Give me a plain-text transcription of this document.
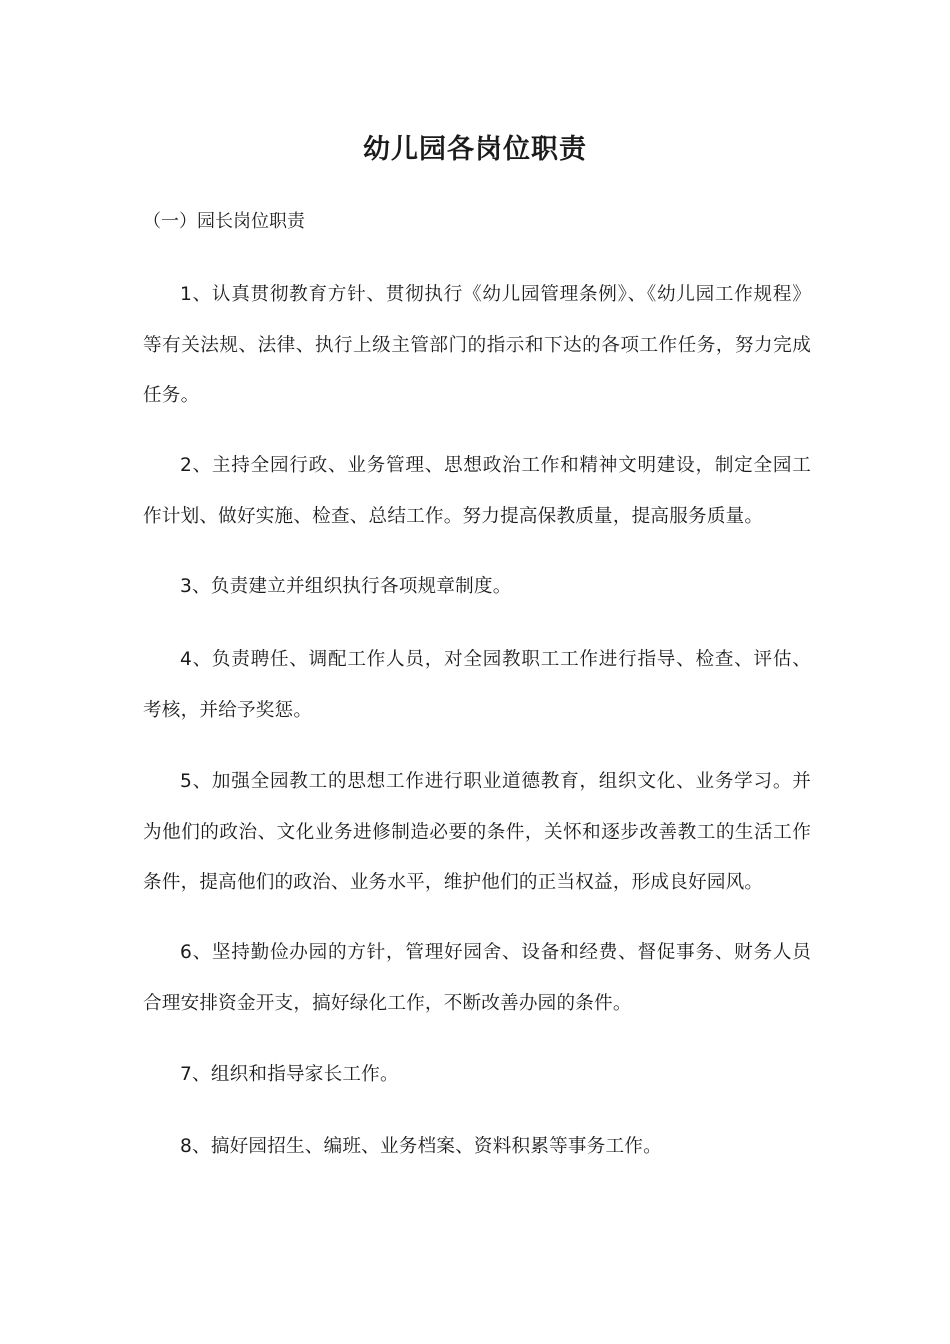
幼儿园各岗位职责

（一）园长岗位职责

1、认真贯彻教育方针、贯彻执行《幼儿园管理条例》、《幼儿园工作规程》等有关法规、法律、执行上级主管部门的指示和下达的各项工作任务，努力完成任务。

2、主持全园行政、业务管理、思想政治工作和精神文明建设，制定全园工作计划、做好实施、检查、总结工作。努力提高保教质量，提高服务质量。

3、负责建立并组织执行各项规章制度。

4、负责聘任、调配工作人员，对全园教职工工作进行指导、检查、评估、考核，并给予奖惩。

5、加强全园教工的思想工作进行职业道德教育，组织文化、业务学习。并为他们的政治、文化业务进修制造必要的条件，关怀和逐步改善教工的生活工作条件，提高他们的政治、业务水平，维护他们的正当权益，形成良好园风。

6、坚持勤俭办园的方针，管理好园舍、设备和经费、督促事务、财务人员合理安排资金开支，搞好绿化工作，不断改善办园的条件。

7、组织和指导家长工作。

8、搞好园招生、编班、业务档案、资料积累等事务工作。
